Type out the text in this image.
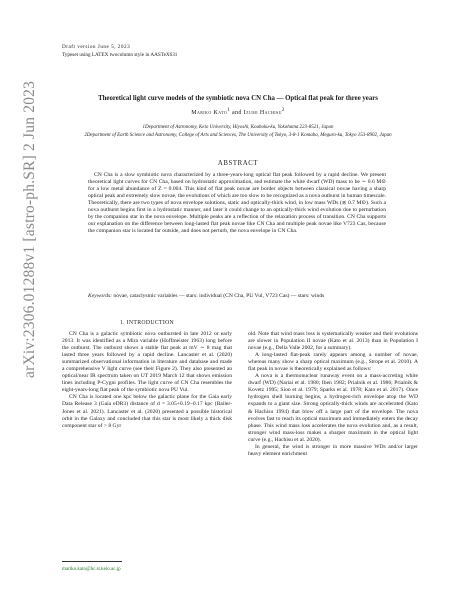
arXiv:2306.01288v1 [astro-ph.SR] 2 Jun 2023
Draft version June 5, 2023
Typeset using LATEX twocolumn style in AASTeX631
Theoretical light curve models of the symbiotic nova CN Cha — Optical flat peak for three years
Mariko Kato$^1$ and Izumi Hachisu$^2$
1Department of Astronomy, Keio University, Hiyoshi, Kouhoku-ku, Yokohama 223-8521, Japan
2Department of Earth Science and Astronomy, College of Arts and Sciences, The University of Tokyo, 3-8-1 Komaba, Meguro-ku, Tokyo 153-8902, Japan
ABSTRACT
CN Cha is a slow symbiotic nova characterized by a three-years-long optical flat peak followed by a rapid decline. We present theoretical light curves for CN Cha, based on hydrostatic approximation, and estimate the white dwarf (WD) mass to be ∼ 0.6 M⊙ for a low metal abundance of Z = 0.004. This kind of flat peak novae are border objects between classical novae having a sharp optical peak and extremely slow novae, the evolutions of which are too slow to be recognized as a nova outburst in human timescale. Theoretically, there are two types of nova envelope solutions, static and optically-thick wind, in low mass WDs (≲ 0.7 M⊙). Such a nova outburst begins first in a hydrostatic manner, and later it could change to an optically-thick wind evolution due to perturbation by the companion star in the nova envelope. Multiple peaks are a reflection of the relaxation process of transition. CN Cha supports our explanation on the difference between long-lasted flat peak novae like CN Cha and multiple peak novae like V723 Cas, because the companion star is located far outside, and does not perturb, the nova envelope in CN Cha.
Keywords: novae, cataclysmic variables — stars: individual (CN Cha, PU Vul, V723 Cas) — stars: winds
1. INTRODUCTION

CN Cha is a galactic symbiotic nova outbursted in late 2012 or early 2013. It was identified as a Mira variable (Hoffmeister 1963) long before the outburst. The outburst shows a stable flat peak at mV ∼ 8 mag that lasted three years followed by a rapid decline. Lancaster et al. (2020) summarized observational information in literature and database and made a comprehensive V light curve (see their Figure 2). They also presented an optical/near IR spectrum taken on UT 2019 March 12 that shows emission lines including P-Cygni profiles. The light curve of CN Cha resembles the eight-years-long flat peak of the symbiotic nova PU Vul.

CN Cha is located one kpc below the galactic plane for the Gaia early Data Release 3 (Gaia eDR3) distance of d = 3.05+0.19−0.17 kpc (Bailer-Jones et al. 2021). Lancaster et al. (2020) presented a possible historical orbit in the Galaxy and concluded that this star is most likely a thick disk component star of > 8 Gyr

old. Note that wind mass loss is systematically weaker and their evolutions are slower in Population II novae (Kato et al. 2013) than in Population I novae (e.g., Della Valle 2002, for a summary).

A long-lasted flat-peak rarely appears among a number of novae, whereas many show a sharp optical maximum (e.g., Strope et al. 2010). A flat peak in novae is theoretically explained as follows:

A nova is a thermonuclear runaway event on a mass-accreting white dwarf (WD) (Nariai et al. 1980; Iben 1982; Prialnik et al. 1986; Prialnik & Kovetz 1995; Sion et al. 1979; Sparks et al. 1978; Kato et al. 2017). Once hydrogen shell burning begins, a hydrogen-rich envelope atop the WD expands to a giant size. Strong optically-thick winds are accelerated (Kato & Hachisu 1994) that blow off a large part of the envelope. The nova evolves fast to reach its optical maximum and immediately enters the decay phase. This wind mass loss accelerates the nova evolution and, as a result, stronger wind mass-loss makes a sharper maximum in the optical light curve (e.g., Hachisu et al. 2020).

In general, the wind is stronger in more massive WDs and/or larger heavy element enrichment

mariko.kato@hc.st.keio.ac.jp
